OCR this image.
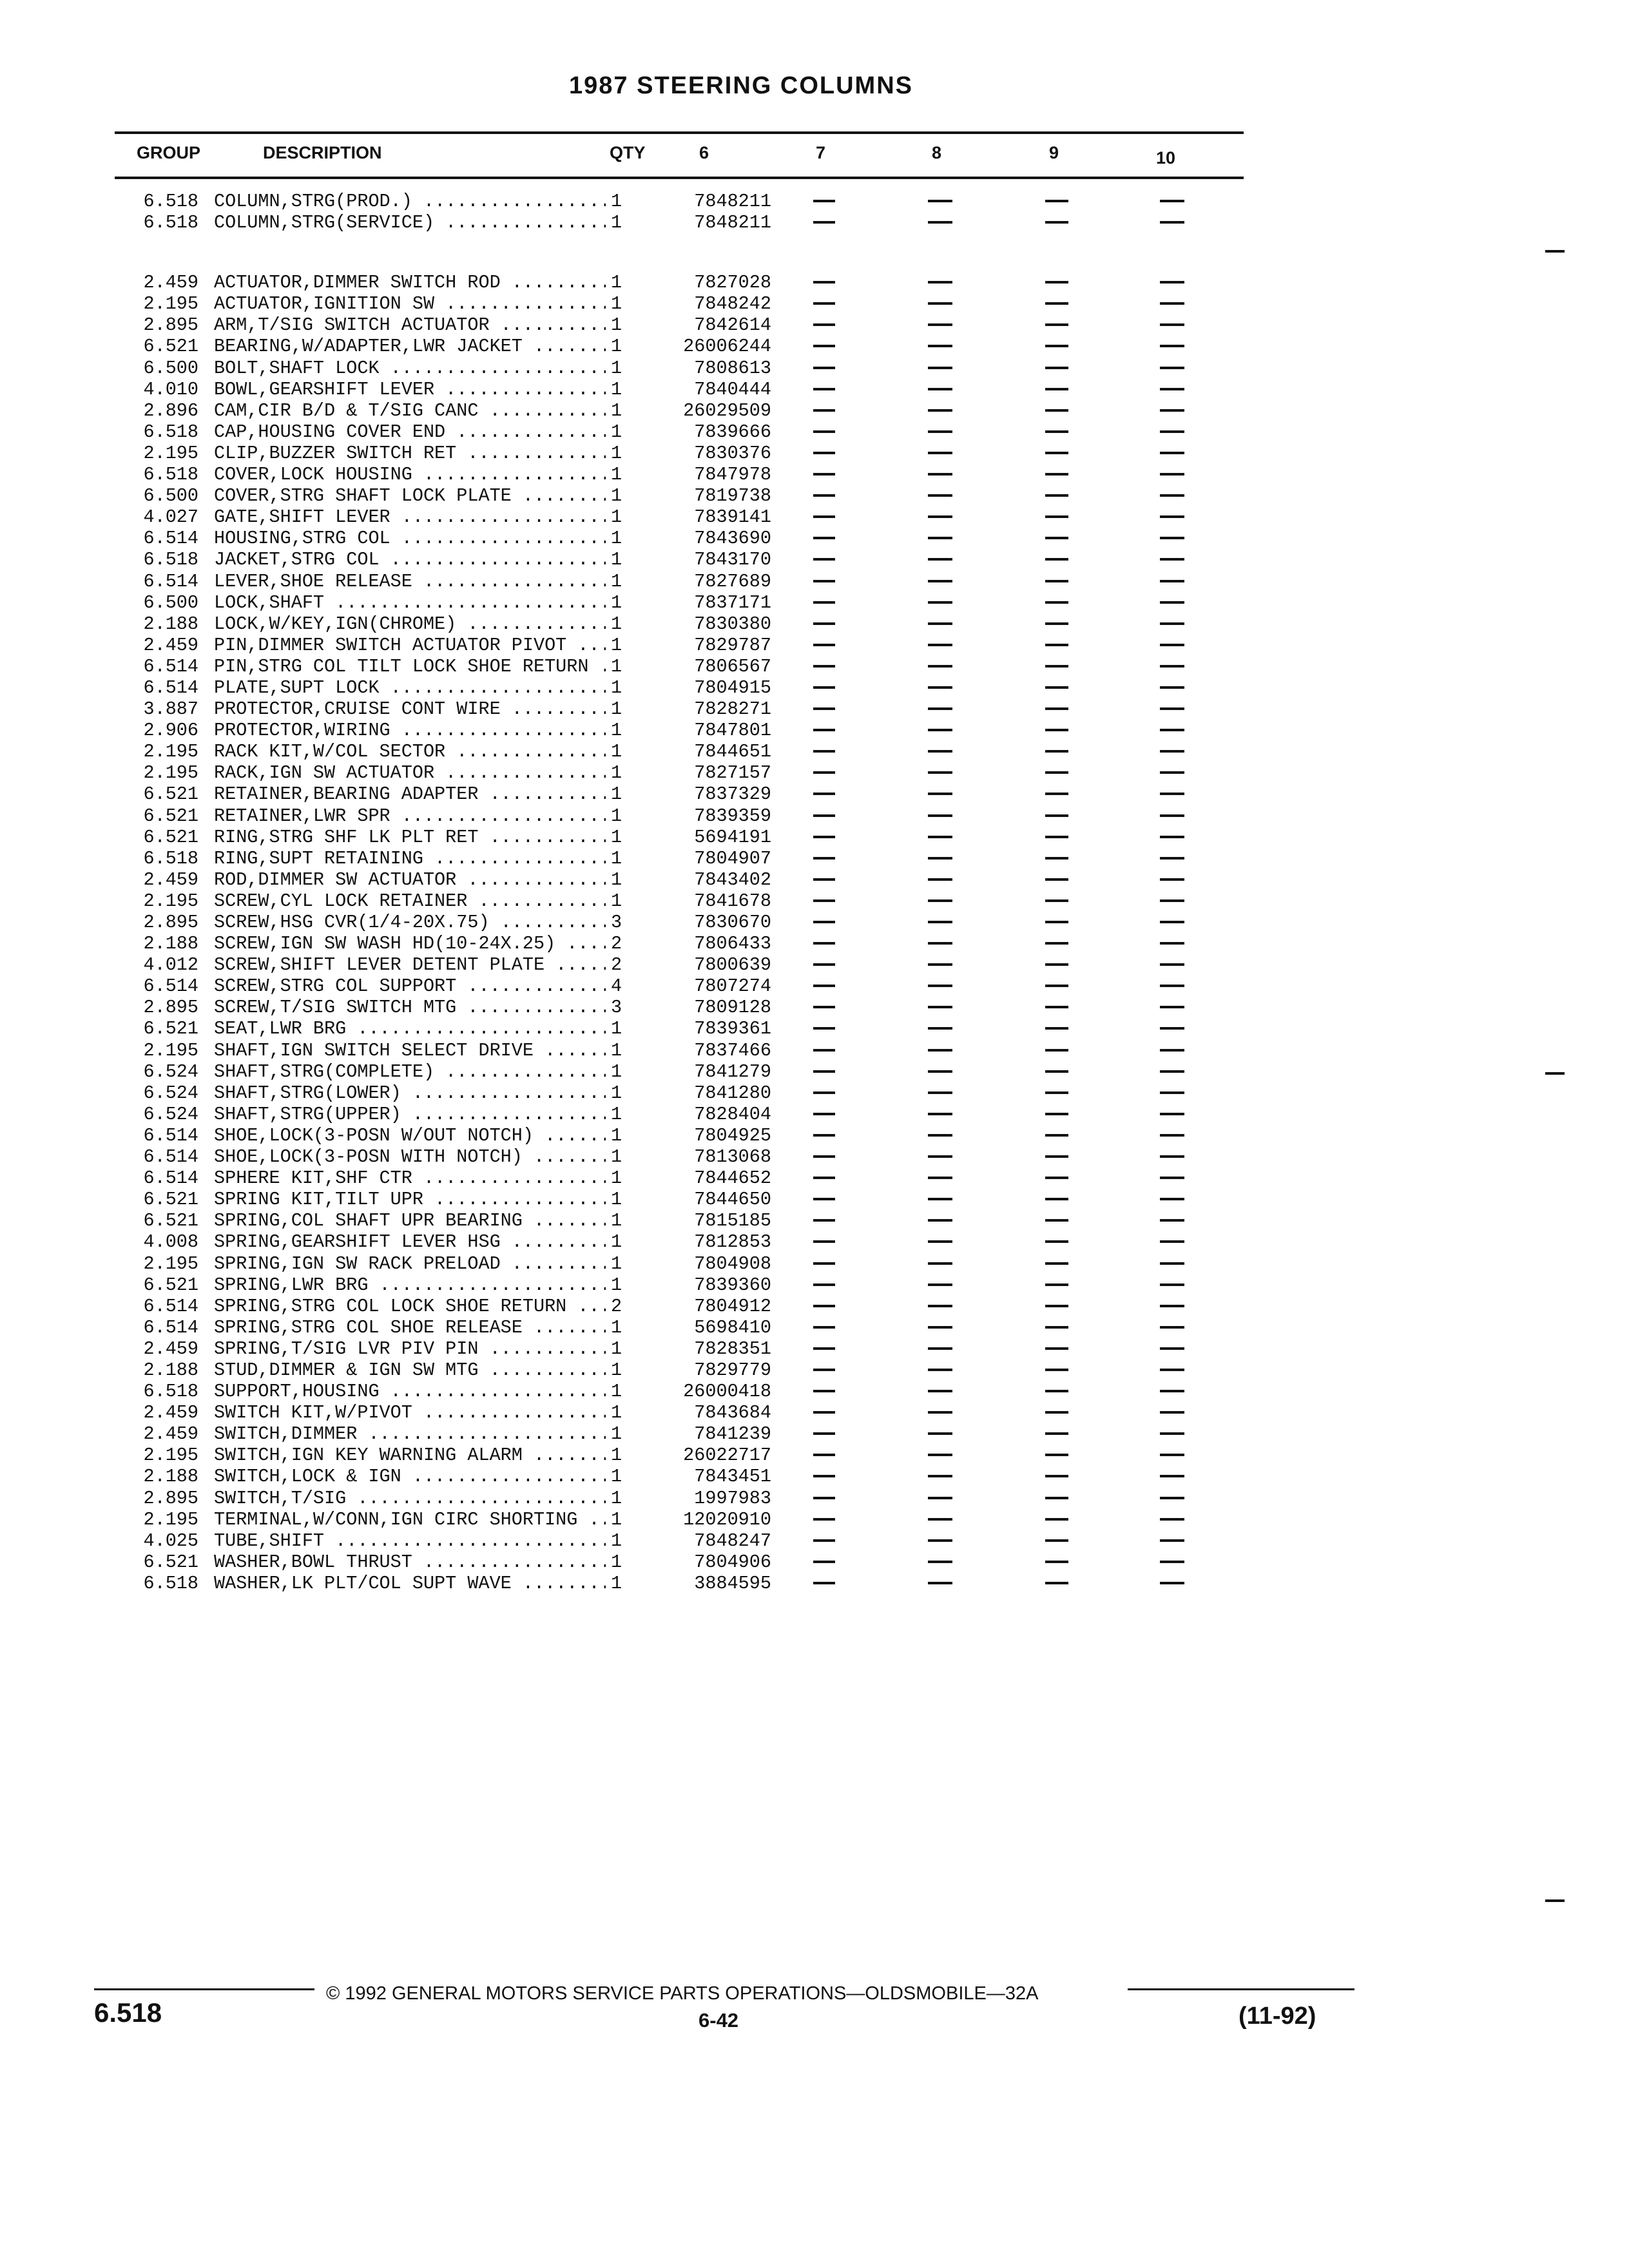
1987 STEERING COLUMNS
GROUP	DESCRIPTION	QTY	6	7	8	9	10
6.518 COLUMN,STRG(PROD.) .....	1	7848211
6.518 COLUMN,STRG(SERVICE) .....	1	7848211
2.459 ACTUATOR,DIMMER SWITCH ROD .....	1	7827028
2.195 ACTUATOR,IGNITION SW .....	1	7848242
2.895 ARM,T/SIG SWITCH ACTUATOR .....	1	7842614
6.521 BEARING,W/ADAPTER,LWR JACKET .....	1	26006244
6.500 BOLT,SHAFT LOCK .....	1	7808613
4.010 BOWL,GEARSHIFT LEVER .....	1	7840444
2.896 CAM,CIR B/D & T/SIG CANC .....	1	26029509
6.518 CAP,HOUSING COVER END .....	1	7839666
2.195 CLIP,BUZZER SWITCH RET .....	1	7830376
6.518 COVER,LOCK HOUSING .....	1	7847978
6.500 COVER,STRG SHAFT LOCK PLATE .....	1	7819738
4.027 GATE,SHIFT LEVER .....	1	7839141
6.514 HOUSING,STRG COL .....	1	7843690
6.518 JACKET,STRG COL .....	1	7843170
6.514 LEVER,SHOE RELEASE .....	1	7827689
6.500 LOCK,SHAFT .....	1	7837171
2.188 LOCK,W/KEY,IGN(CHROME) .....	1	7830380
2.459 PIN,DIMMER SWITCH ACTUATOR PIVOT .....	1	7829787
6.514 PIN,STRG COL TILT LOCK SHOE RETURN .....	1	7806567
6.514 PLATE,SUPT LOCK .....	1	7804915
3.887 PROTECTOR,CRUISE CONT WIRE .....	1	7828271
2.906 PROTECTOR,WIRING .....	1	7847801
2.195 RACK KIT,W/COL SECTOR .....	1	7844651
2.195 RACK,IGN SW ACTUATOR .....	1	7827157
6.521 RETAINER,BEARING ADAPTER .....	1	7837329
6.521 RETAINER,LWR SPR .....	1	7839359
6.521 RING,STRG SHF LK PLT RET .....	1	5694191
6.518 RING,SUPT RETAINING .....	1	7804907
2.459 ROD,DIMMER SW ACTUATOR .....	1	7843402
2.195 SCREW,CYL LOCK RETAINER .....	1	7841678
2.895 SCREW,HSG CVR(1/4-20X.75) .....	3	7830670
2.188 SCREW,IGN SW WASH HD(10-24X.25) .....	2	7806433
4.012 SCREW,SHIFT LEVER DETENT PLATE .....	2	7800639
6.514 SCREW,STRG COL SUPPORT .....	4	7807274
2.895 SCREW,T/SIG SWITCH MTG .....	3	7809128
6.521 SEAT,LWR BRG .....	1	7839361
2.195 SHAFT,IGN SWITCH SELECT DRIVE .....	1	7837466
6.524 SHAFT,STRG(COMPLETE) .....	1	7841279
6.524 SHAFT,STRG(LOWER) .....	1	7841280
6.524 SHAFT,STRG(UPPER) .....	1	7828404
6.514 SHOE,LOCK(3-POSN W/OUT NOTCH) .....	1	7804925
6.514 SHOE,LOCK(3-POSN WITH NOTCH) .....	1	7813068
6.514 SPHERE KIT,SHF CTR .....	1	7844652
6.521 SPRING KIT,TILT UPR .....	1	7844650
6.521 SPRING,COL SHAFT UPR BEARING .....	1	7815185
4.008 SPRING,GEARSHIFT LEVER HSG .....	1	7812853
2.195 SPRING,IGN SW RACK PRELOAD .....	1	7804908
6.521 SPRING,LWR BRG .....	1	7839360
6.514 SPRING,STRG COL LOCK SHOE RETURN .....	2	7804912
6.514 SPRING,STRG COL SHOE RELEASE .....	1	5698410
2.459 SPRING,T/SIG LVR PIV PIN .....	1	7828351
2.188 STUD,DIMMER & IGN SW MTG .....	1	7829779
6.518 SUPPORT,HOUSING .....	1	26000418
2.459 SWITCH KIT,W/PIVOT .....	1	7843684
2.459 SWITCH,DIMMER .....	1	7841239
2.195 SWITCH,IGN KEY WARNING ALARM .....	1	26022717
2.188 SWITCH,LOCK & IGN .....	1	7843451
2.895 SWITCH,T/SIG .....	1	1997983
2.195 TERMINAL,W/CONN,IGN CIRC SHORTING .....	1	12020910
4.025 TUBE,SHIFT .....	1	7848247
6.521 WASHER,BOWL THRUST .....	1	7804906
6.518 WASHER,LK PLT/COL SUPT WAVE .....	1	3884595
© 1992 GENERAL MOTORS SERVICE PARTS OPERATIONS—OLDSMOBILE—32A
6.518	6-42	(11-92)
